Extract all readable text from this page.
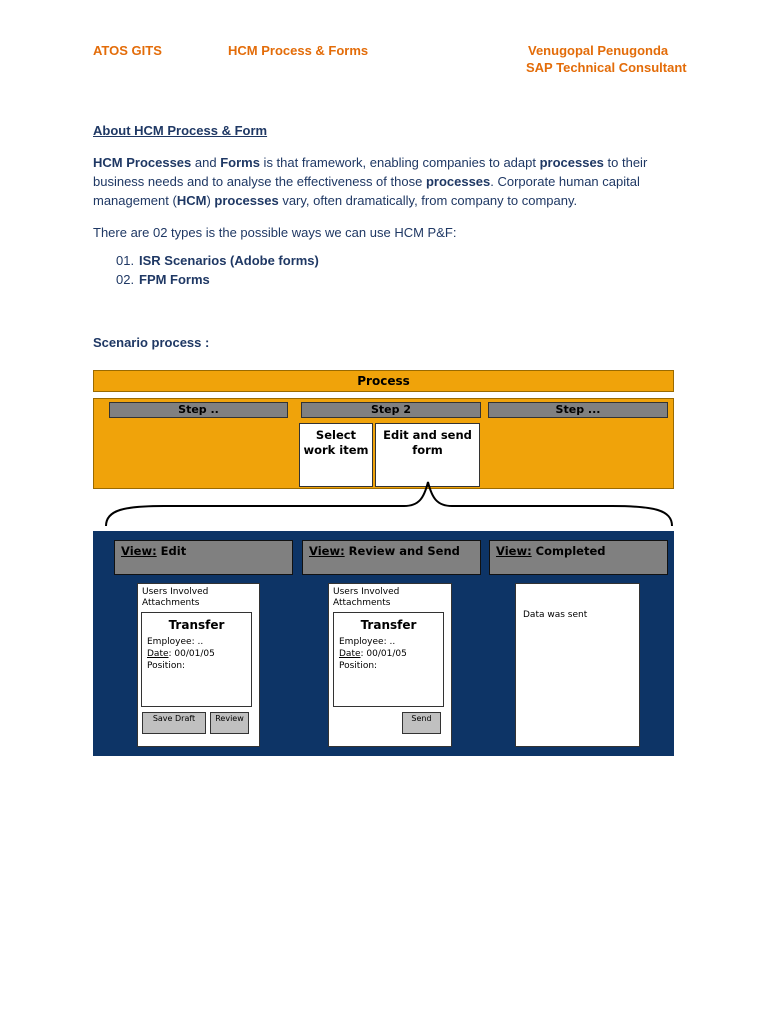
ATOS GITS	HCM Process & Forms	Venugopal Penugonda
SAP Technical Consultant
About HCM Process & Form
HCM Processes and Forms is that framework, enabling companies to adapt processes to their business needs and to analyse the effectiveness of those processes. Corporate human capital management (HCM) processes vary, often dramatically, from company to company.
There are 02 types is the possible ways we can use HCM P&F:
01. ISR Scenarios (Adobe forms)
02. FPM Forms
Scenario process :
Process
Step ..	Step 2	Step ...
Select work item
Edit and send form
View: Edit	View: Review and Send	View: Completed
Users Involved
Attachments
Transfer
Employee: ..
Date: 00/01/05
Position:
Save Draft	Review
Users Involved
Attachments
Transfer
Employee: ..
Date: 00/01/05
Position:
Send
Data was sent
